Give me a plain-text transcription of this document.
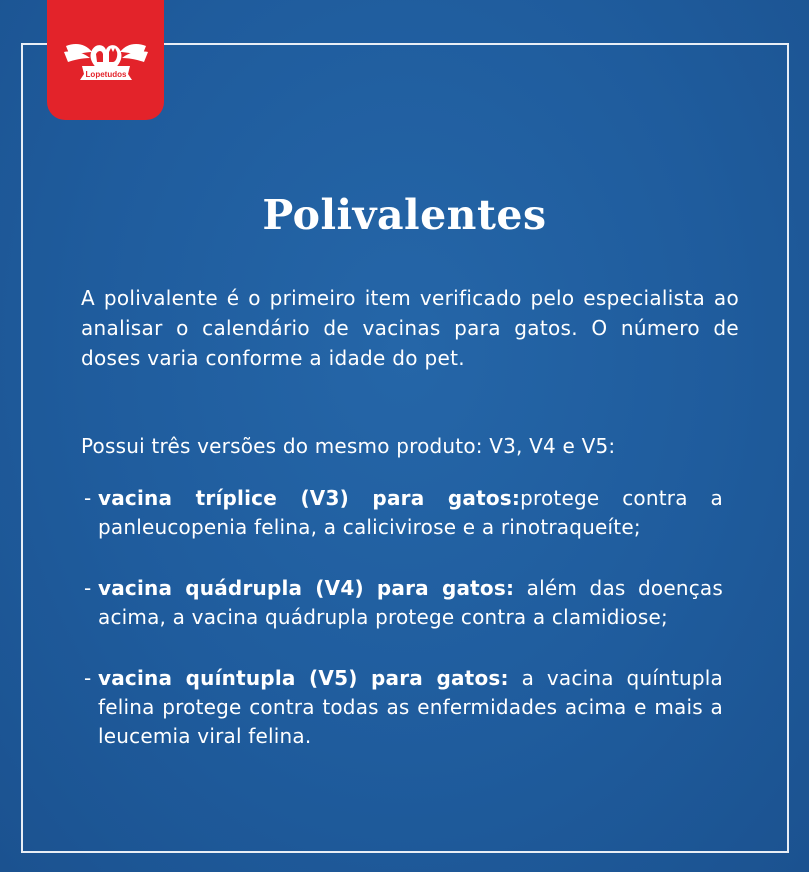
Lopetudos
Polivalentes

A polivalente é o primeiro item verificado pelo especialista ao analisar o calendário de vacinas para gatos. O número de doses varia conforme a idade do pet.

Possui três versões do mesmo produto: V3, V4 e V5:

- vacina tríplice (V3) para gatos:protege contra a panleucopenia felina, a calicivirose e a rinotraqueíte;
- vacina quádrupla (V4) para gatos: além das doenças acima, a vacina quádrupla protege contra a clamidiose;
- vacina quíntupla (V5) para gatos: a vacina quíntupla felina protege contra todas as enfermidades acima e mais a leucemia viral felina.
